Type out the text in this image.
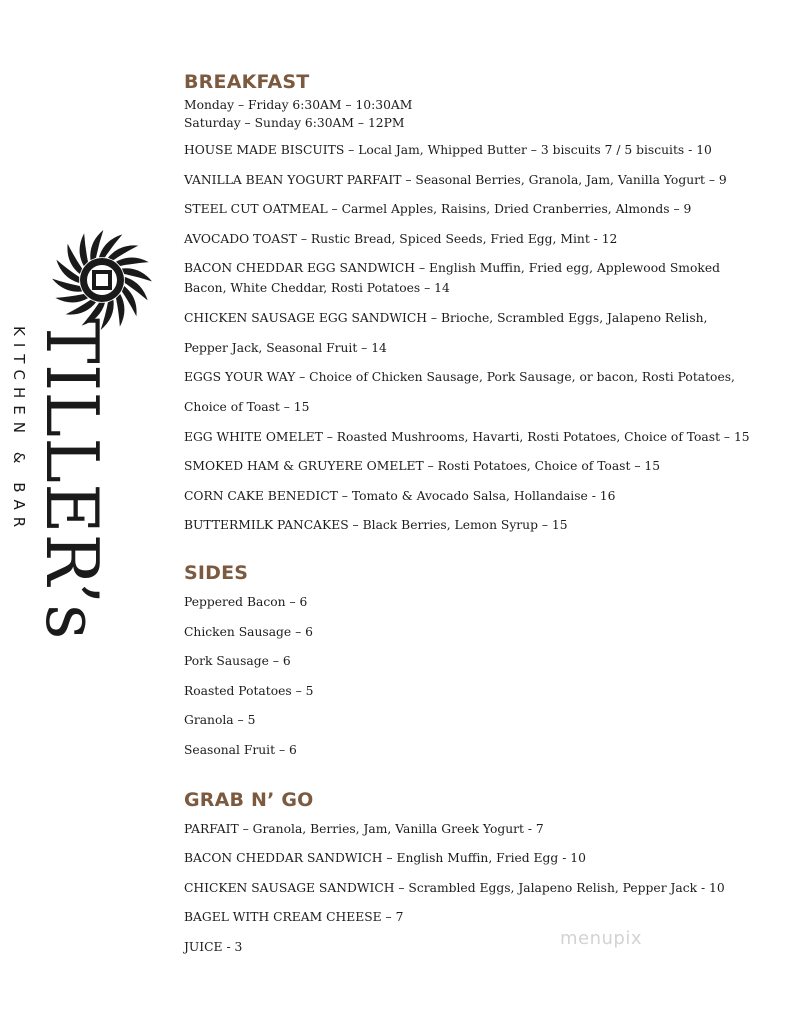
TILLER’s
KITCHEN & BAR
BREAKFAST
Monday – Friday 6:30AM – 10:30AM
Saturday – Sunday 6:30AM – 12PM
HOUSE MADE BISCUITS – Local Jam, Whipped Butter – 3 biscuits 7 / 5 biscuits - 10
VANILLA BEAN YOGURT PARFAIT – Seasonal Berries, Granola, Jam, Vanilla Yogurt – 9
STEEL CUT OATMEAL – Carmel Apples, Raisins, Dried Cranberries, Almonds – 9
AVOCADO TOAST – Rustic Bread, Spiced Seeds, Fried Egg, Mint - 12
BACON CHEDDAR EGG SANDWICH – English Muffin, Fried egg, Applewood Smoked
Bacon, White Cheddar, Rosti Potatoes – 14
CHICKEN SAUSAGE EGG SANDWICH – Brioche, Scrambled Eggs, Jalapeno Relish,
Pepper Jack, Seasonal Fruit – 14
EGGS YOUR WAY – Choice of Chicken Sausage, Pork Sausage, or bacon, Rosti Potatoes,
Choice of Toast – 15
EGG WHITE OMELET – Roasted Mushrooms, Havarti, Rosti Potatoes, Choice of Toast – 15
SMOKED HAM & GRUYERE OMELET – Rosti Potatoes, Choice of Toast – 15
CORN CAKE BENEDICT – Tomato & Avocado Salsa, Hollandaise - 16
BUTTERMILK PANCAKES – Black Berries, Lemon Syrup – 15
SIDES
Peppered Bacon – 6
Chicken Sausage – 6
Pork Sausage – 6
Roasted Potatoes – 5
Granola – 5
Seasonal Fruit – 6
GRAB N’ GO
PARFAIT – Granola, Berries, Jam, Vanilla Greek Yogurt - 7
BACON CHEDDAR SANDWICH – English Muffin, Fried Egg - 10
CHICKEN SAUSAGE SANDWICH – Scrambled Eggs, Jalapeno Relish, Pepper Jack - 10
BAGEL WITH CREAM CHEESE – 7
JUICE - 3	menupix
